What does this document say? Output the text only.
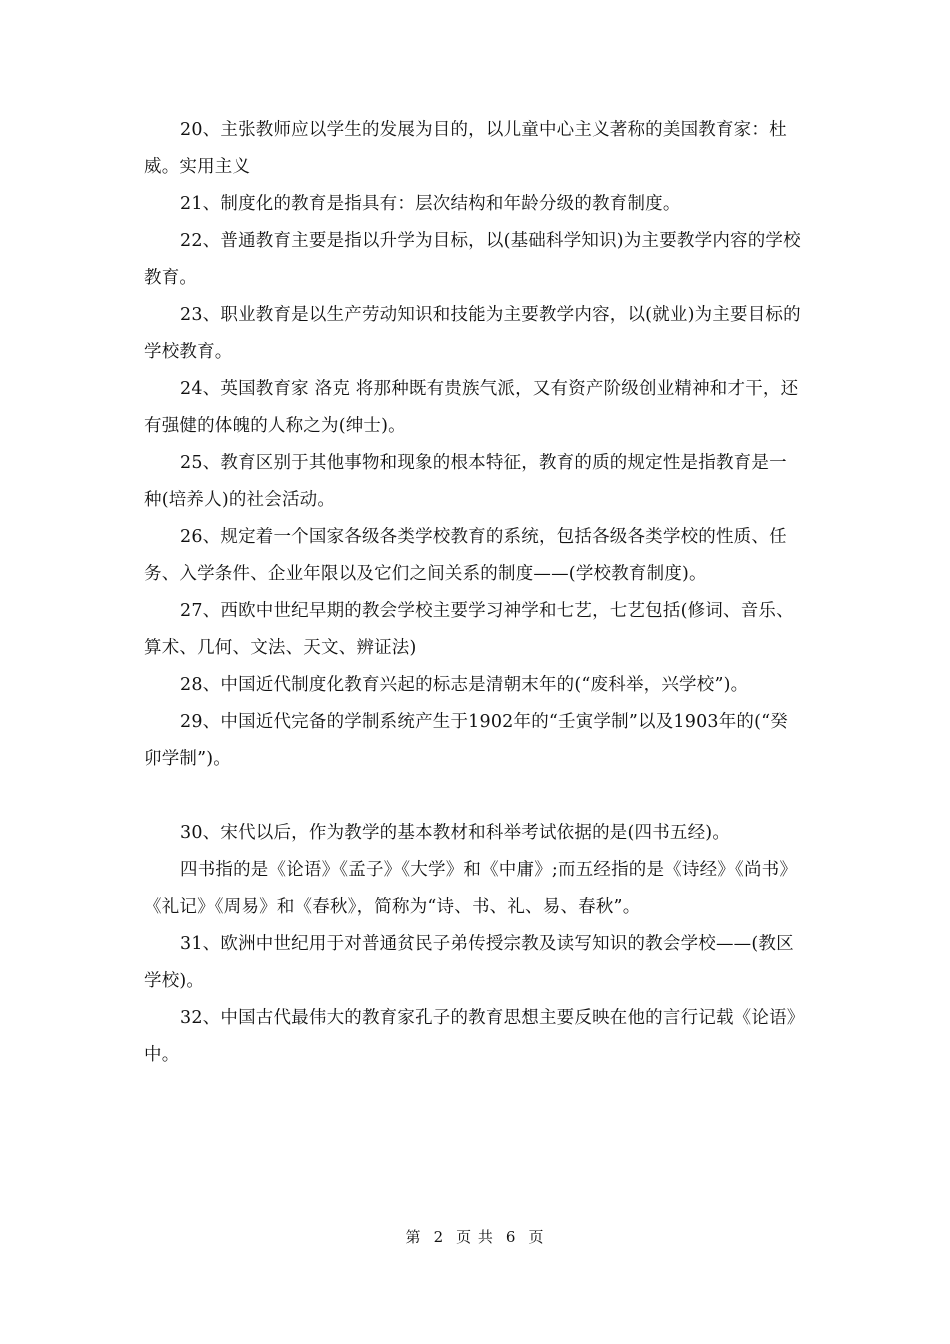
20、主张教师应以学生的发展为目的，以儿童中心主义著称的美国教育家：杜威。实用主义

21、制度化的教育是指具有：层次结构和年龄分级的教育制度。

22、普通教育主要是指以升学为目标，以(基础科学知识)为主要教学内容的学校教育。

23、职业教育是以生产劳动知识和技能为主要教学内容，以(就业)为主要目标的学校教育。

24、英国教育家 洛克 将那种既有贵族气派，又有资产阶级创业精神和才干，还有强健的体魄的人称之为(绅士)。

25、教育区别于其他事物和现象的根本特征，教育的质的规定性是指教育是一种(培养人)的社会活动。

26、规定着一个国家各级各类学校教育的系统，包括各级各类学校的性质、任务、入学条件、企业年限以及它们之间关系的制度——(学校教育制度)。

27、西欧中世纪早期的教会学校主要学习神学和七艺，七艺包括(修词、音乐、算术、几何、文法、天文、辨证法)

28、中国近代制度化教育兴起的标志是清朝末年的(“废科举，兴学校”)。

29、中国近代完备的学制系统产生于1902年的“壬寅学制”以及1903年的(“癸卯学制”)。

30、宋代以后，作为教学的基本教材和科举考试依据的是(四书五经)。

四书指的是《论语》《孟子》《大学》和《中庸》;而五经指的是《诗经》《尚书》《礼记》《周易》和《春秋》，简称为“诗、书、礼、易、春秋”。

31、欧洲中世纪用于对普通贫民子弟传授宗教及读写知识的教会学校——(教区学校)。

32、中国古代最伟大的教育家孔子的教育思想主要反映在他的言行记载《论语》中。

第 2 页 共 6 页
